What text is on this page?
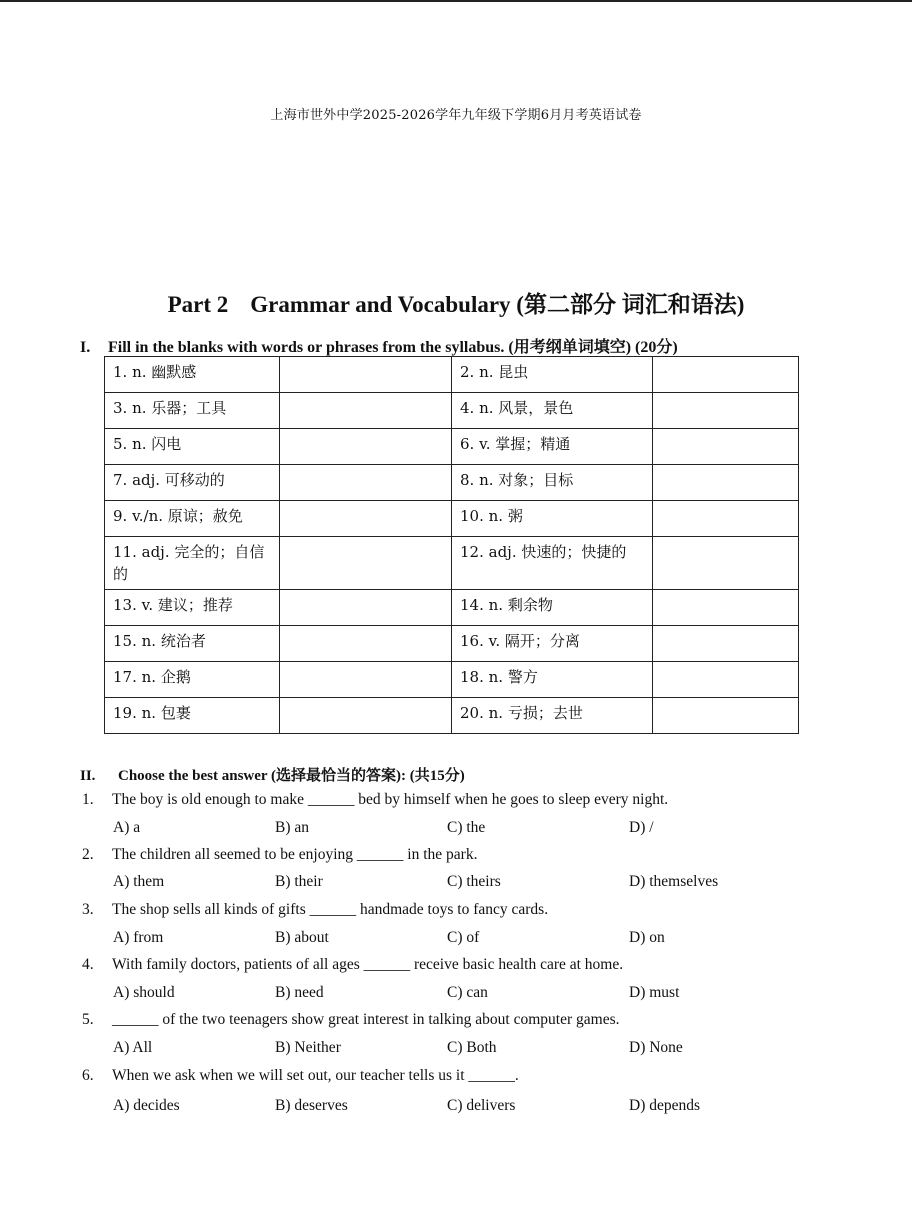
上海市世外中学2025-2026学年九年级下学期6月月考英语试卷
Part 2 Grammar and Vocabulary (第二部分 词汇和语法)
I. Fill in the blanks with words or phrases from the syllabus. (用考纲单词填空) (20分)
1. n. 幽默感		2. n. 昆虫	
3. n. 乐器；工具		4. n. 风景，景色	
5. n. 闪电		6. v. 掌握；精通	
7. adj. 可移动的		8. n. 对象；目标	
9. v./n. 原谅；赦免		10. n. 粥	
11. adj. 完全的；自信的		12. adj. 快速的；快捷的	
13. v. 建议；推荐		14. n. 剩余物	
15. n. 统治者		16. v. 隔开；分离	
17. n. 企鹅		18. n. 警方	
19. n. 包裹		20. n. 亏损；去世	
II. Choose the best answer (选择最恰当的答案): (共15分)
1. The boy is old enough to make ______ bed by himself when he goes to sleep every night.
A) a	B) an	C) the	D) /
2. The children all seemed to be enjoying ______ in the park.
A) them	B) their	C) theirs	D) themselves
3. The shop sells all kinds of gifts ______ handmade toys to fancy cards.
A) from	B) about	C) of	D) on
4. With family doctors, patients of all ages ______ receive basic health care at home.
A) should	B) need	C) can	D) must
5. ______ of the two teenagers show great interest in talking about computer games.
A) All	B) Neither	C) Both	D) None
6. When we ask when we will set out, our teacher tells us it ______.
A) decides	B) deserves	C) delivers	D) depends
